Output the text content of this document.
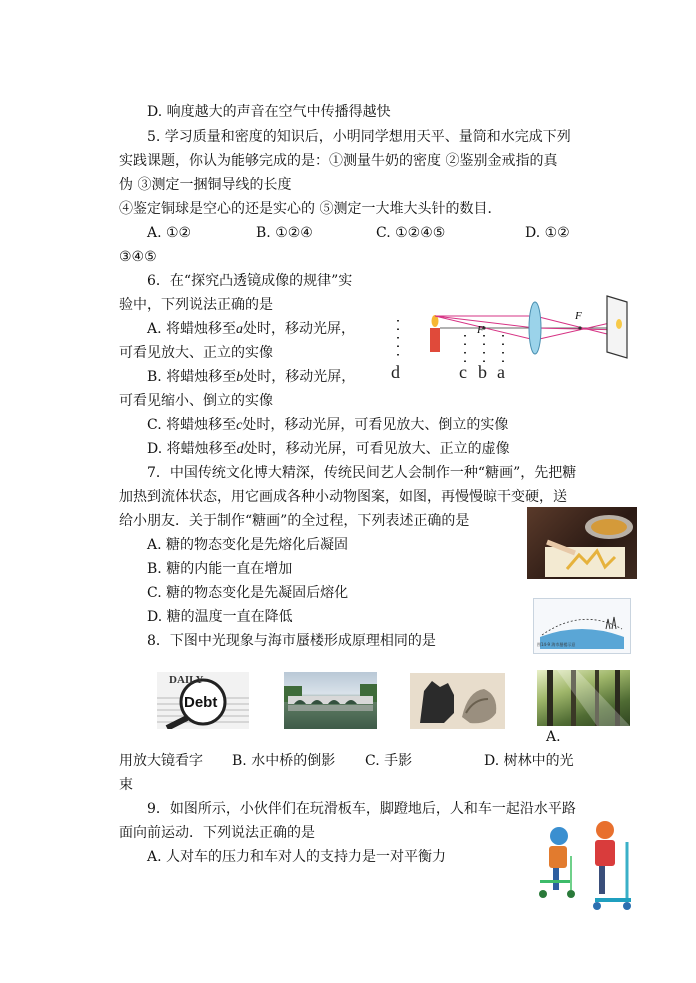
D. 响度越大的声音在空气中传播得越快
5. 学习质量和密度的知识后，小明同学想用天平、量筒和水完成下列
实践课题，你认为能够完成的是：①测量牛奶的密度 ②鉴别金戒指的真
伪 ③测定一捆铜导线的长度
④鉴定铜球是空心的还是实心的 ⑤测定一大堆大头针的数目．
A. ①②	B. ①②④	C. ①②④⑤	D. ①②
③④⑤
6．在“探究凸透镜成像的规律”实
验中，下列说法正确的是
A. 将蜡烛移至a处时，移动光屏，
可看见放大、正立的实像
B. 将蜡烛移至b处时，移动光屏，
可看见缩小、倒立的实像
C. 将蜡烛移至c处时，移动光屏，可看见放大、倒立的实像
D. 将蜡烛移至d处时，移动光屏，可看见放大、正立的虚像
7．中国传统文化博大精深，传统民间艺人会制作一种“糖画”，先把糖
加热到流体状态，用它画成各种小动物图案，如图，再慢慢晾干变硬，送
给小朋友．关于制作“糖画”的全过程，下列表述正确的是
A. 糖的物态变化是先熔化后凝固
B. 糖的内能一直在增加
C. 糖的物态变化是先凝固后熔化
D. 糖的温度一直在降低
8．下图中光现象与海市蜃楼形成原理相同的是
A.
用放大镜看字 B. 水中桥的倒影 C. 手影	D. 树林中的光
束
9．如图所示，小伙伴们在玩滑板车，脚蹬地后，人和车一起沿水平路
面向前运动．下列说法正确的是
A. 人对车的压力和车对人的支持力是一对平衡力
F
F
d	c b a
图14-9 海市蜃楼示意
DAILY
Debt
